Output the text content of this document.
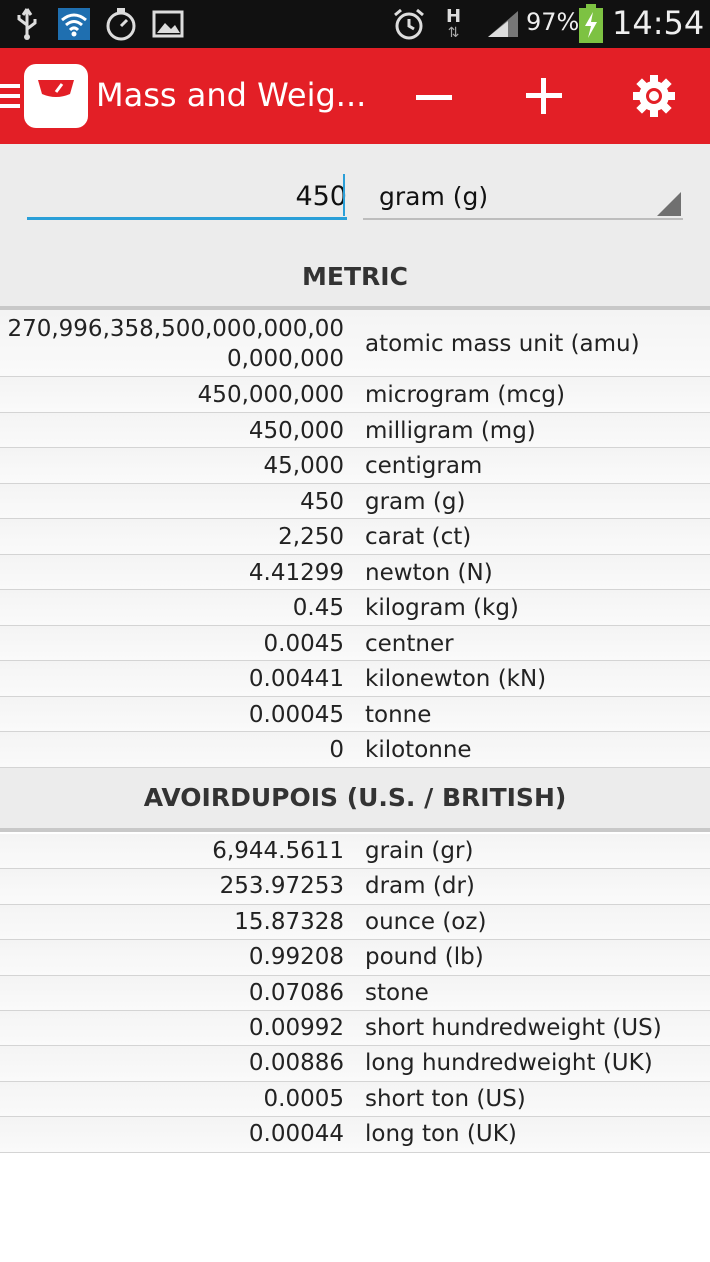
H
⇅	97% 14:54
Mass and Weig...
450
gram (g)
METRIC
270,996,358,500,000,000,00
0,000,000
atomic mass unit (amu)
450,000,000 microgram (mcg)
450,000 milligram (mg)
45,000 centigram
450 gram (g)
2,250 carat (ct)
4.41299 newton (N)
0.45 kilogram (kg)
0.0045 centner
0.00441 kilonewton (kN)
0.00045 tonne
0 kilotonne
AVOIRDUPOIS (U.S. / BRITISH)
6,944.5611 grain (gr)
253.97253 dram (dr)
15.87328 ounce (oz)
0.99208 pound (lb)
0.07086 stone
0.00992 short hundredweight (US)
0.00886 long hundredweight (UK)
0.0005 short ton (US)
0.00044 long ton (UK)
